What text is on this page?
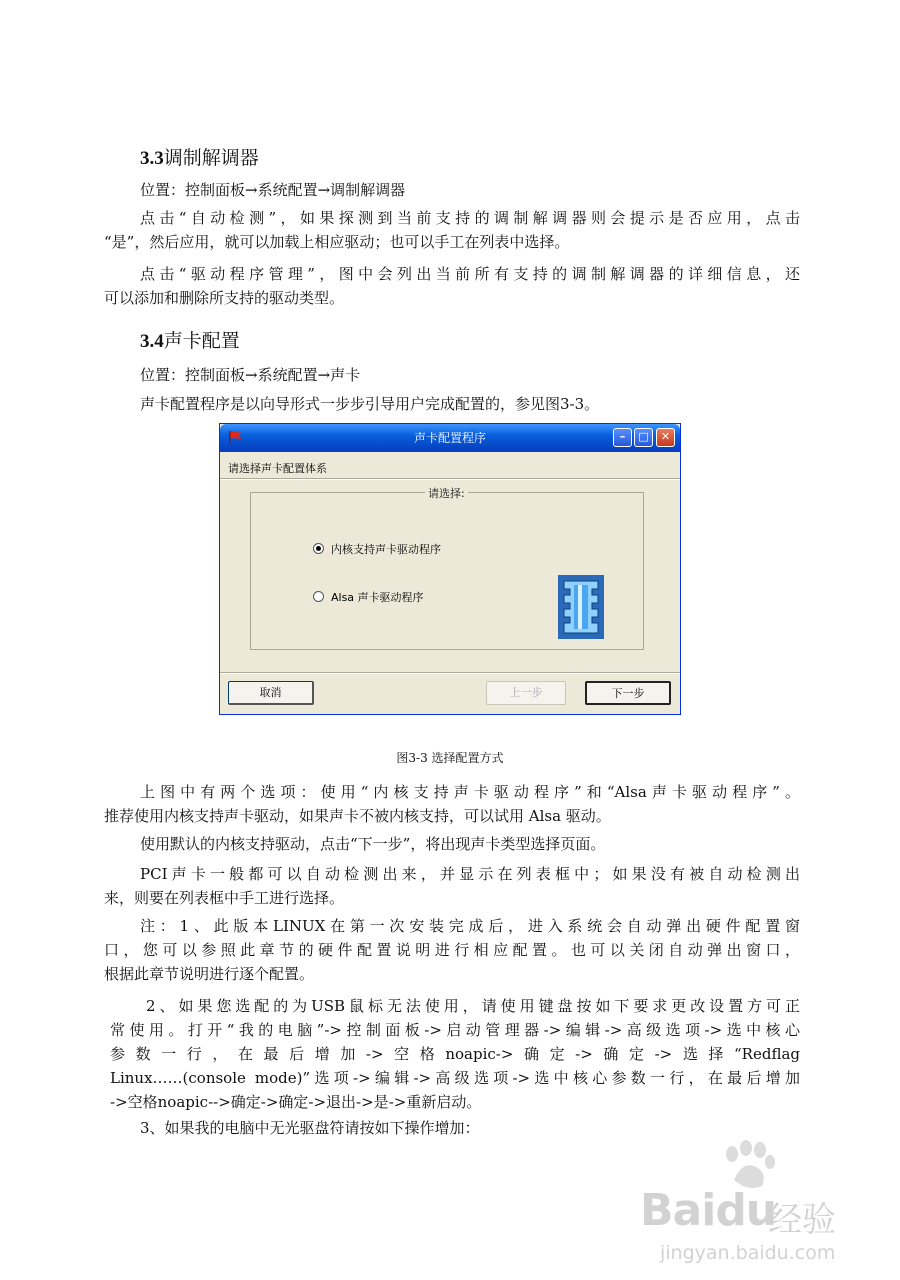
3.3调制解调器

位置：控制面板→系统配置→调制解调器

点击“自动检测”，如果探测到当前支持的调制解调器则会提示是否应用，点击

“是”，然后应用，就可以加载上相应驱动；也可以手工在列表中选择。

点击“驱动程序管理”，图中会列出当前所有支持的调制解调器的详细信息，还

可以添加和删除所支持的驱动类型。

3.4声卡配置

位置：控制面板→系统配置→声卡

声卡配置程序是以向导形式一步步引导用户完成配置的，参见图3-3。

声卡配置程序	–	□	✕
请选择声卡配置体系
请选择:
内核支持声卡驱动程序
Alsa 声卡驱动程序
取消	上一步	下一步
图3-3 选择配置方式

上图中有两个选项：使用“内核支持声卡驱动程序”和“Alsa声卡驱动程序”。

推荐使用内核支持声卡驱动，如果声卡不被内核支持，可以试用 Alsa 驱动。

使用默认的内核支持驱动，点击“下一步”，将出现声卡类型选择页面。

PCI声卡一般都可以自动检测出来，并显示在列表框中；如果没有被自动检测出

来，则要在列表框中手工进行选择。

注：1、此版本LINUX在第一次安装完成后，进入系统会自动弹出硬件配置窗

口，您可以参照此章节的硬件配置说明进行相应配置。也可以关闭自动弹出窗口，

根据此章节说明进行逐个配置。

2、如果您选配的为USB鼠标无法使用，请使用键盘按如下要求更改设置方可正

常使用。打开“我的电脑”->控制面板->启动管理器->编辑->高级选项->选中核心

参数一行，在最后增加->空格noapic->确定->确定->选择“Redflag

Linux……(console mode)”选项->编辑->高级选项->选中核心参数一行，在最后增加

->空格noapic-->确定->确定->退出->是->重新启动。

3、如果我的电脑中无光驱盘符请按如下操作增加：

Baidu
经验
jingyan.baidu.com
